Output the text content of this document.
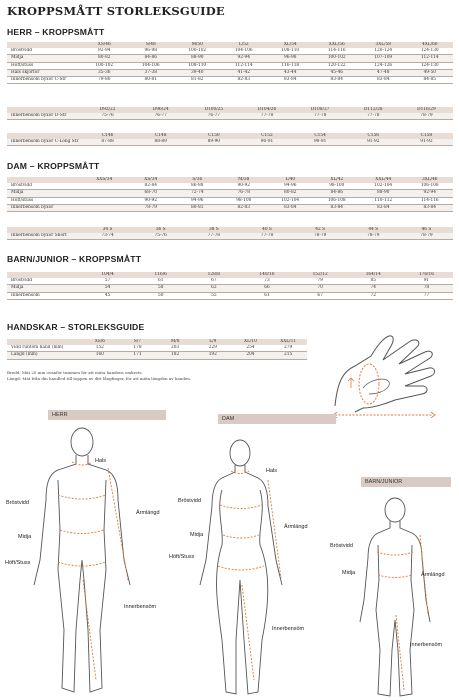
KROPPSMÅTT STORLEKSGUIDE
HERR – KROPPSMÅTT
	XS/46	S/48	M/50	L/52	XL/54	XXL/56	3XL/58	4XL/60
Bröstvidd	92-94	96-98	100-102	104-106	108-110	114-116	120-124	124-130
Midja	80-82	84-86	88-90	92-94	96-98	100-102	107-109	112-114
Höft/stuss	100-102	104-106	108-110	112-114	116-118	120-122	124-126	124-130
Hals skjortor	35-36	37-38	39-40	41-42	43-44	45-46	47-48	49-50
Innerbensöm byxor C-Str	79-80	80-81	81-82	82-83	83-84	83-84	83-84	84-85
	D92/22	D96/24	D100/25	D104/26	D108/27	D112/28	D116/29
Innerbensöm byxor D-Str	75-76	76-77	76-77	77-78	77-78	77-78	78-79
	C146	C148	C150	C152	C154	C156	C158
Innerbensöm byxor C-Long Str	87-88	88-89	89-90	90-91	90-91	91-92	91-92
DAM – KROPPSMÅTT
	XXS/34	XS/34	S/36	M/38	L/40	XL/42	XXL/44	3XL/46
Bröstvidd		82-84	86-88	90-92	94-96	98-100	102-104	106-108
Midja		68-70	72-74	76-78	80-82	84-86	88-90	92-94
Höft/stuss		90-92	94-96	98-100	102-104	106-108	110-112	114-116
Innerbensöm byxor		78-79	80-81	82-83	83-84	83-84	83-84	83-84
	34 S	36 S	38 S	40 S	42 S	44 S	46 S
Innerbensöm byxor Short	73-74	75-76	77-78	77-78	78-79	78-79	78-79
BARN/JUNIOR – KROPPSMÅTT
	104/4	116/6	128/8	140/10	152/12	164/14	176/16
Bröstvidd	57	61	67	73	79	85	91
Midja	54	58	62	66	70	74	78
Innerbensöm	45	50	55	61	67	72	77
HANDSKAR – STORLEKSGUIDE
	XS/6	S/7	M/8	L/9	XL/10	XXL/11
Vidd runtom hand (mm)	152	178	203	229	254	279
Längd (mm)	160	171	182	192	204	215
Bredd: Mät 20 mm ovanför tummen för att mäta handens omkrets.
Längd: Mät från din handled till toppen av ditt långfinger, för att mäta längden av handen.
HERR
DAM
BARN/JUNIOR
Hals
Bröstvidd
Ärmlängd
Midja
Höft/Stuss
Innerbensöm
Hals
Bröstvidd
Ärmlängd
Midja
Höft/Stuss
Innerbensöm
Bröstvidd
Ärmlängd
Midja
Innerbensöm
